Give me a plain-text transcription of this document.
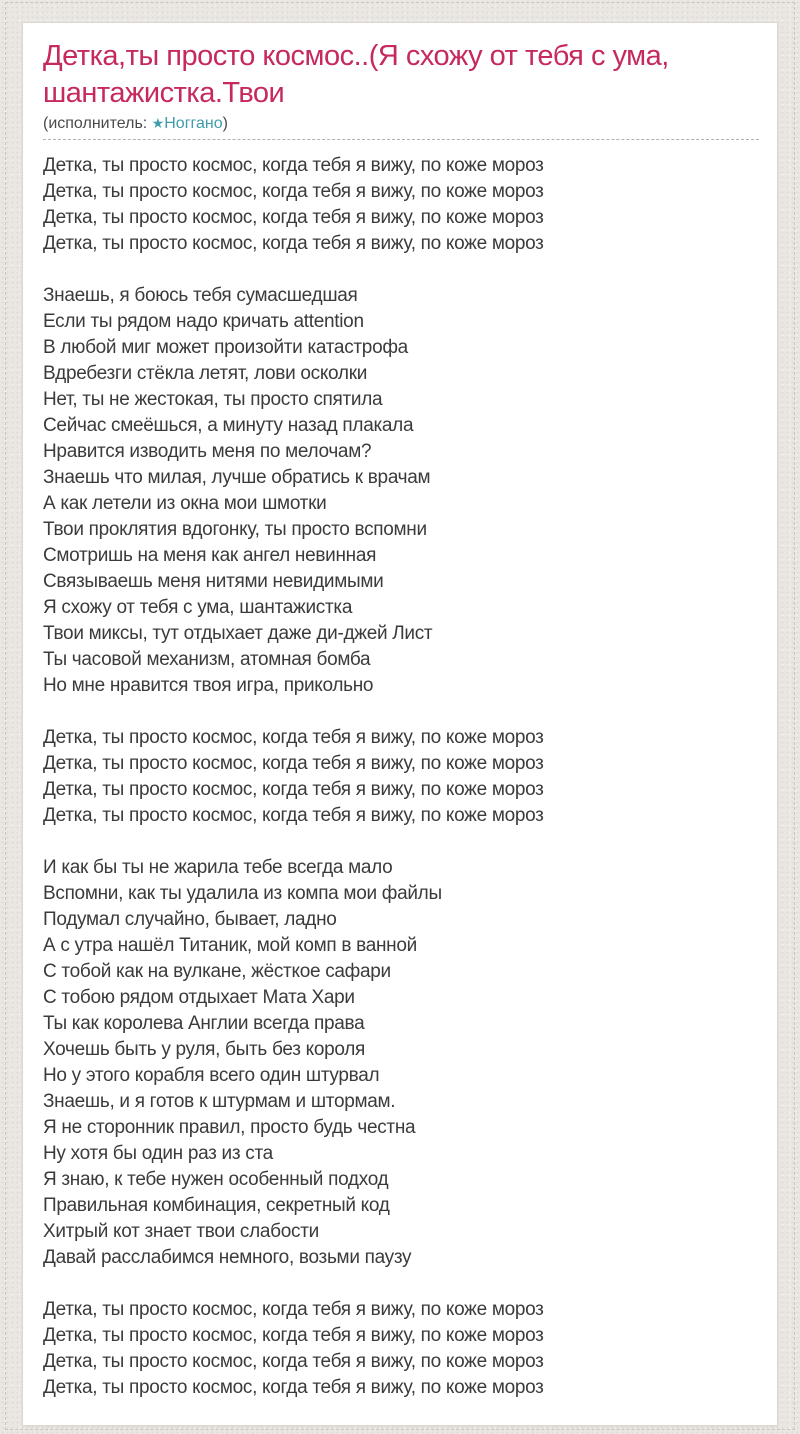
Детка,ты просто космос..(Я схожу от тебя с ума, шантажистка.Твои
(исполнитель: ★Ноггано)
Детка, ты просто космос, когда тебя я вижу, по коже мороз
Детка, ты просто космос, когда тебя я вижу, по коже мороз
Детка, ты просто космос, когда тебя я вижу, по коже мороз
Детка, ты просто космос, когда тебя я вижу, по коже мороз
Знаешь, я боюсь тебя сумасшедшая
Если ты рядом надо кричать attention
В любой миг может произойти катастрофа
Вдребезги стёкла летят, лови осколки
Нет, ты не жестокая, ты просто спятила
Сейчас смеёшься, а минуту назад плакала
Нравится изводить меня по мелочам?
Знаешь что милая, лучше обратись к врачам
А как летели из окна мои шмотки
Твои проклятия вдогонку, ты просто вспомни
Смотришь на меня как ангел невинная
Связываешь меня нитями невидимыми
Я схожу от тебя с ума, шантажистка
Твои миксы, тут отдыхает даже ди-джей Лист
Ты часовой механизм, атомная бомба
Но мне нравится твоя игра, прикольно
Детка, ты просто космос, когда тебя я вижу, по коже мороз
Детка, ты просто космос, когда тебя я вижу, по коже мороз
Детка, ты просто космос, когда тебя я вижу, по коже мороз
Детка, ты просто космос, когда тебя я вижу, по коже мороз
И как бы ты не жарила тебе всегда мало
Вспомни, как ты удалила из компа мои файлы
Подумал случайно, бывает, ладно
А с утра нашёл Титаник, мой комп в ванной
С тобой как на вулкане, жёсткое сафари
С тобою рядом отдыхает Мата Хари
Ты как королева Англии всегда права
Хочешь быть у руля, быть без короля
Но у этого корабля всего один штурвал
Знаешь, и я готов к штурмам и штормам.
Я не сторонник правил, просто будь честна
Ну хотя бы один раз из ста
Я знаю, к тебе нужен особенный подход
Правильная комбинация, секретный код
Хитрый кот знает твои слабости
Давай расслабимся немного, возьми паузу
Детка, ты просто космос, когда тебя я вижу, по коже мороз
Детка, ты просто космос, когда тебя я вижу, по коже мороз
Детка, ты просто космос, когда тебя я вижу, по коже мороз
Детка, ты просто космос, когда тебя я вижу, по коже мороз
